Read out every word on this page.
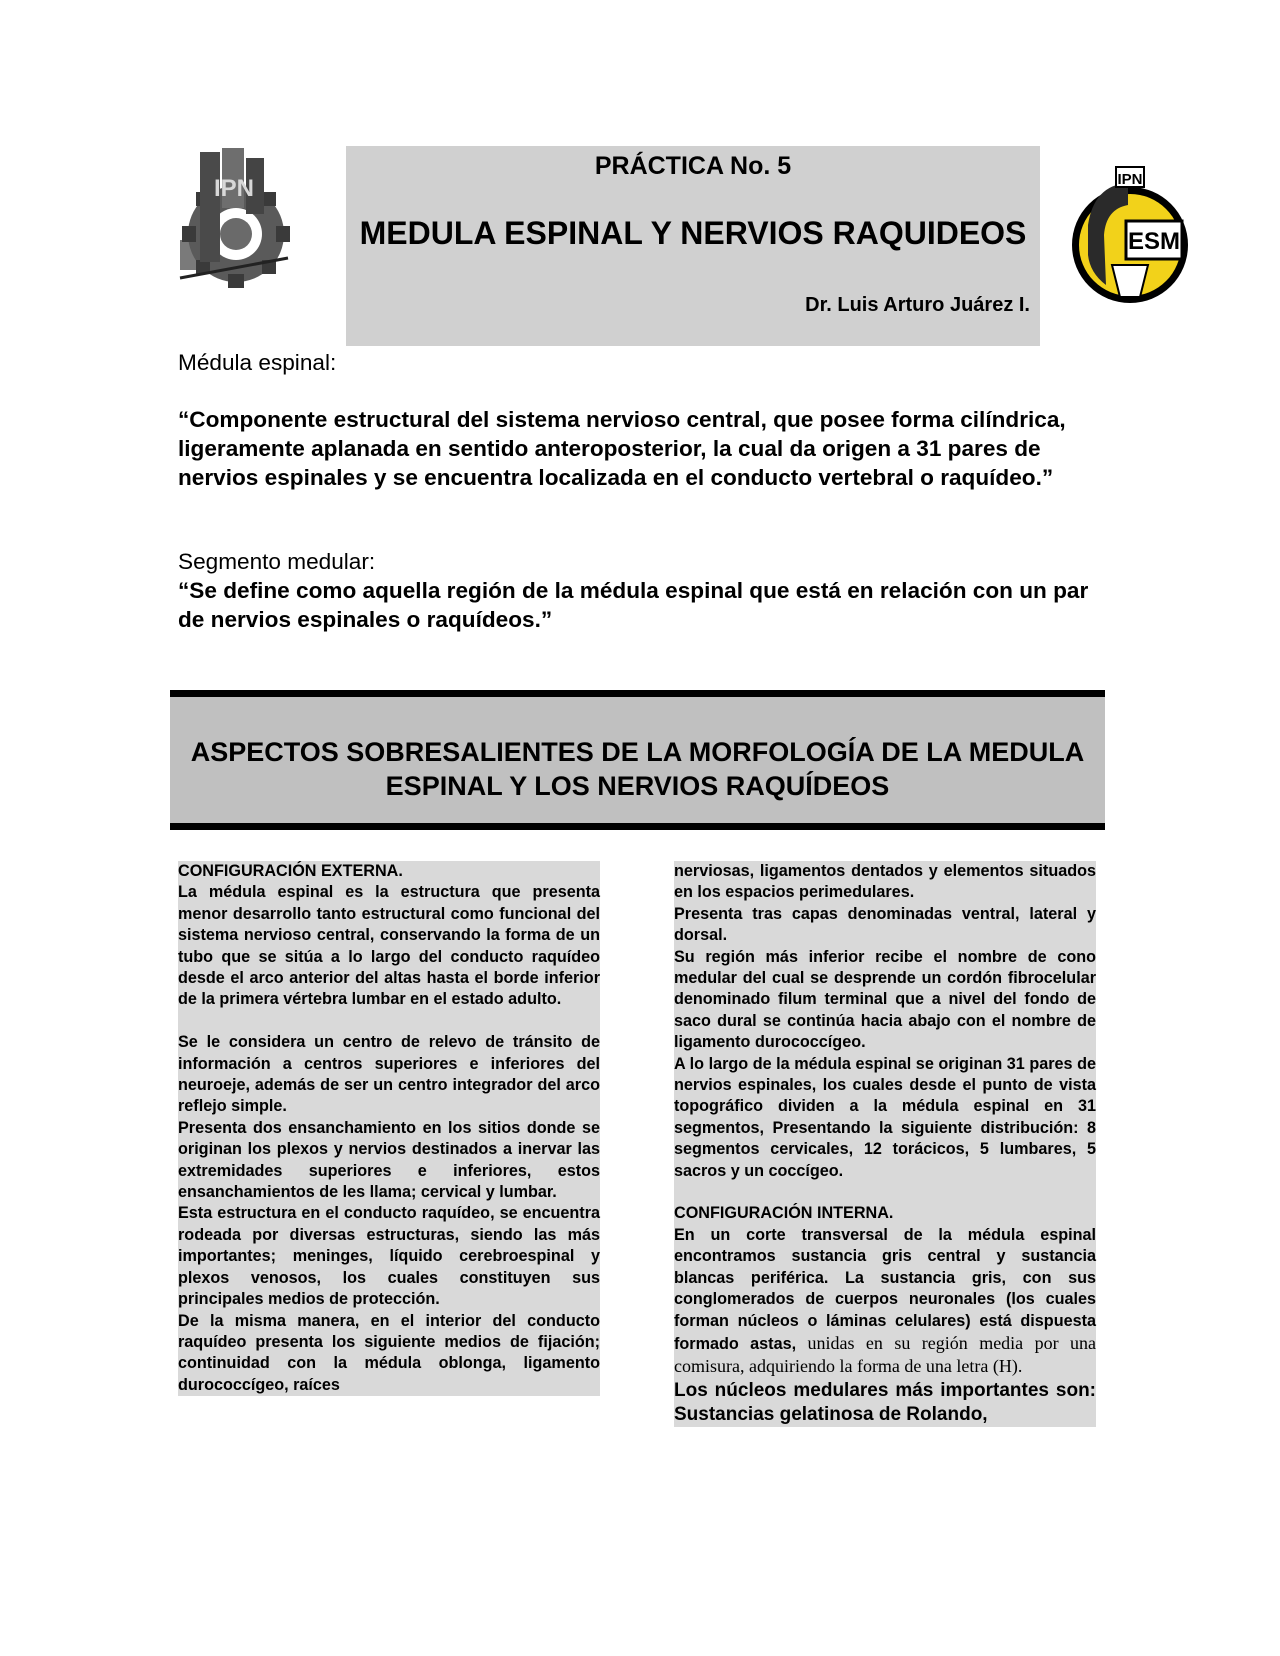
IPN	IPN
ESM
PRÁCTICA No. 5
MEDULA ESPINAL Y NERVIOS RAQUIDEOS
Dr. Luis Arturo Juárez I.
Médula espinal:
“Componente estructural del sistema nervioso central, que posee forma cilíndrica, ligeramente aplanada en sentido anteroposterior, la cual da origen a 31 pares de nervios espinales y se encuentra localizada en el conducto vertebral o raquídeo.”
Segmento medular:
“Se define como aquella región de la médula espinal que está en relación con un par de nervios espinales o raquídeos.”
ASPECTOS SOBRESALIENTES DE LA MORFOLOGÍA DE LA MEDULA ESPINAL Y LOS NERVIOS RAQUÍDEOS

CONFIGURACIÓN EXTERNA.

La médula espinal es la estructura que presenta menor desarrollo tanto estructural como funcional del sistema nervioso central, conservando la forma de un tubo que se sitúa a lo largo del conducto raquídeo desde el arco anterior del altas hasta el borde inferior de la primera vértebra lumbar en el estado adulto.

Se le considera un centro de relevo de tránsito de información a centros superiores e inferiores del neuroeje, además de ser un centro integrador del arco reflejo simple.

Presenta dos ensanchamiento en los sitios donde se originan los plexos y nervios destinados a inervar las extremidades superiores e inferiores, estos ensanchamientos de les llama; cervical y lumbar.

Esta estructura en el conducto raquídeo, se encuentra rodeada por diversas estructuras, siendo las más importantes; meninges, líquido cerebroespinal y plexos venosos, los cuales constituyen sus principales medios de protección.

De la misma manera, en el interior del conducto raquídeo presenta los siguiente medios de fijación; continuidad con la médula oblonga, ligamento durococcígeo, raíces

nerviosas, ligamentos dentados y elementos situados en los espacios perimedulares.

Presenta tras capas denominadas ventral, lateral y dorsal.

Su región más inferior recibe el nombre de cono medular del cual se desprende un cordón fibrocelular denominado filum terminal que a nivel del fondo de saco dural se continúa hacia abajo con el nombre de ligamento durococcígeo.

A lo largo de la médula espinal se originan 31 pares de nervios espinales, los cuales desde el punto de vista topográfico dividen a la médula espinal en 31 segmentos, Presentando la siguiente distribución: 8 segmentos cervicales, 12 torácicos, 5 lumbares, 5 sacros y un coccígeo.

CONFIGURACIÓN INTERNA.

En un corte transversal de la médula espinal encontramos sustancia gris central y sustancia blancas periférica. La sustancia gris, con sus conglomerados de cuerpos neuronales (los cuales forman núcleos o láminas celulares) está dispuesta formado astas, unidas en su región media por una comisura, adquiriendo la forma de una letra (H).

Los núcleos medulares más importantes son: Sustancias gelatinosa de Rolando,
